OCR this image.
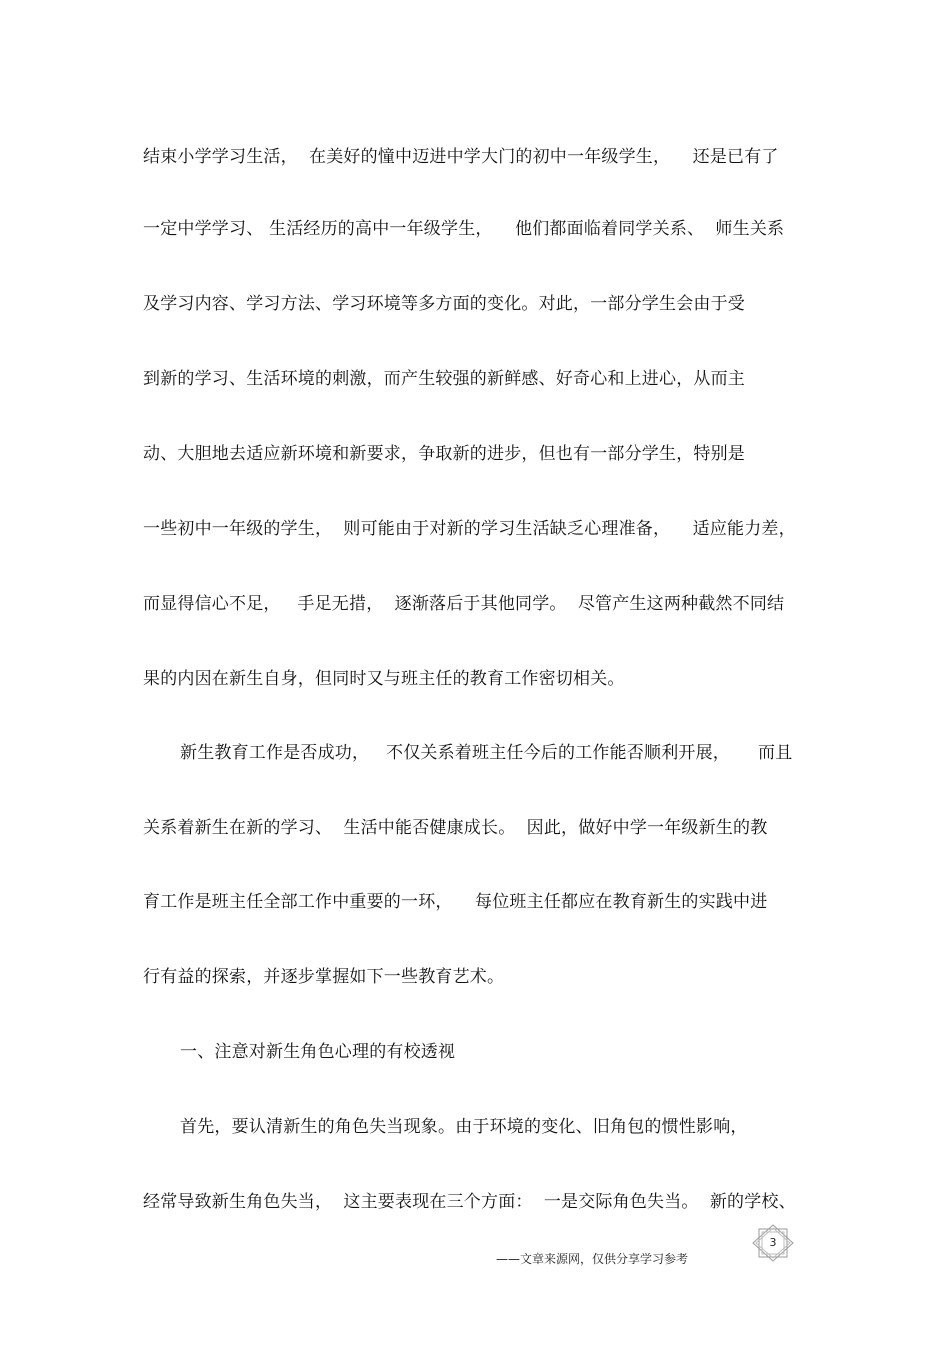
结束小学学习生活，  在美好的憧中迈进中学大门的初中一年级学生，    还是已有了
一定中学学习、 生活经历的高中一年级学生，    他们都面临着同学关系、  师生关系
及学习内容、学习方法、学习环境等多方面的变化。对此，一部分学生会由于受
到新的学习、生活环境的刺激，而产生较强的新鲜感、好奇心和上进心，从而主
动、大胆地去适应新环境和新要求，争取新的进步，但也有一部分学生，特别是
一些初中一年级的学生，  则可能由于对新的学习生活缺乏心理准备，    适应能力差，
而显得信心不足，   手足无措，  逐渐落后于其他同学。  尽管产生这两种截然不同结
果的内因在新生自身，但同时又与班主任的教育工作密切相关。
新生教育工作是否成功，   不仅关系着班主任今后的工作能否顺利开展，     而且
关系着新生在新的学习、  生活中能否健康成长。  因此，做好中学一年级新生的教
育工作是班主任全部工作中重要的一环，    每位班主任都应在教育新生的实践中进
行有益的探索，并逐步掌握如下一些教育艺术。
一、注意对新生角色心理的有校透视
首先，要认清新生的角色失当现象。由于环境的变化、旧角包的惯性影响，
经常导致新生角色失当，  这主要表现在三个方面：  一是交际角色失当。  新的学校、
——文章来源网，仅供分享学习参考
3
